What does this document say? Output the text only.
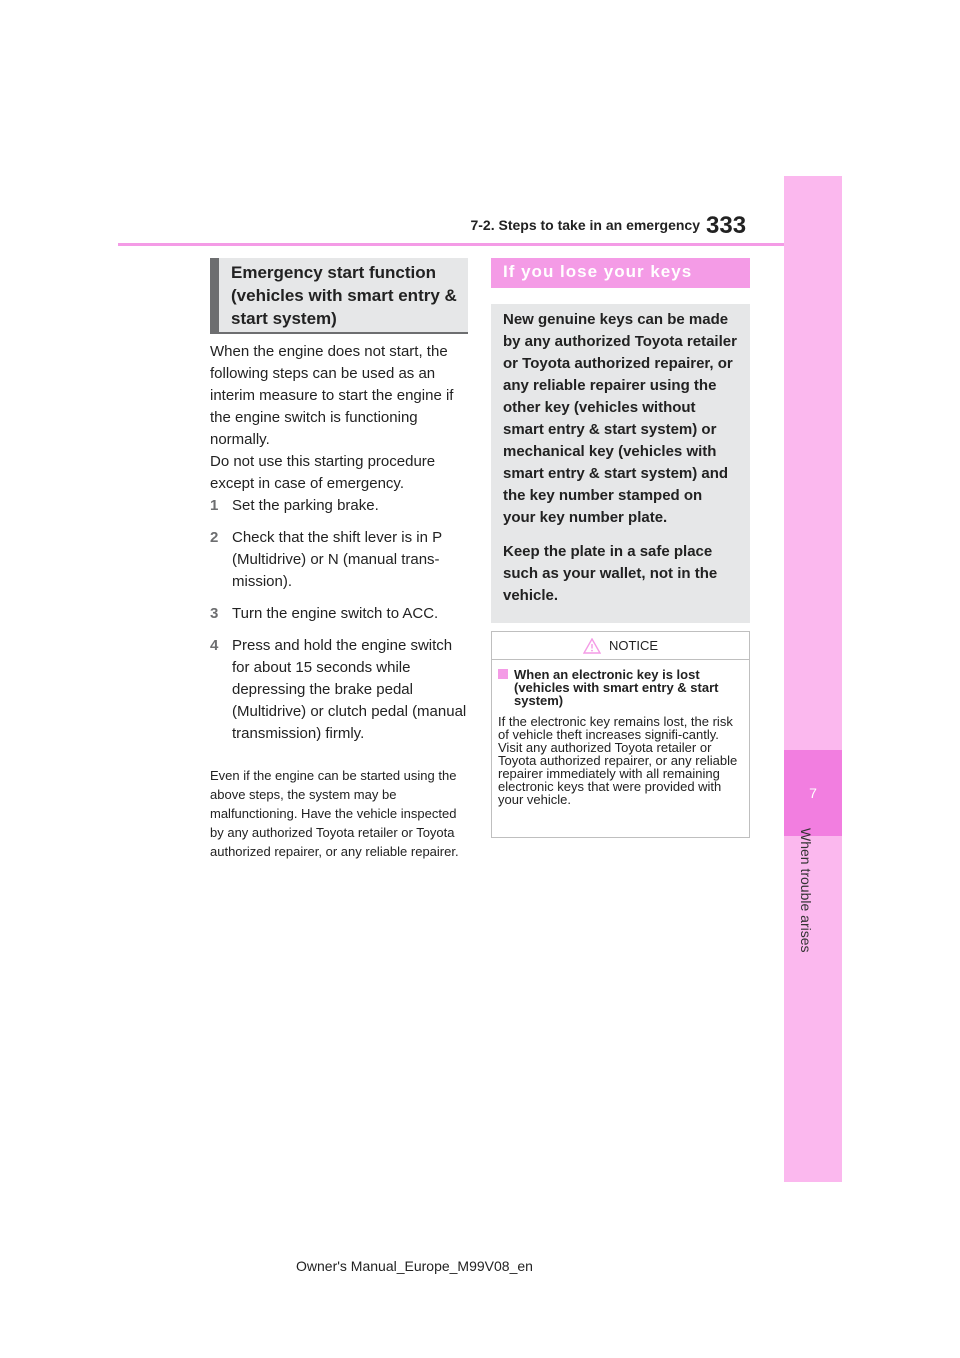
7
When trouble arises
7-2. Steps to take in an emergency 333
Emergency start function (vehicles with smart entry & start system)
When the engine does not start, the following steps can be used as an interim measure to start the engine if the engine switch is functioning normally.
Do not use this starting procedure except in case of emergency.
1 Set the parking brake.
2 Check that the shift lever is in P (Multidrive) or N (manual trans-mission).
3 Turn the engine switch to ACC.
4 Press and hold the engine switch for about 15 seconds while depressing the brake pedal (Multidrive) or clutch pedal (manual transmission) firmly.
Even if the engine can be started using the above steps, the system may be malfunctioning. Have the vehicle inspected by any authorized Toyota retailer or Toyota authorized repairer, or any reliable repairer.
If you lose your keys

New genuine keys can be made by any authorized Toyota retailer or Toyota authorized repairer, or any reliable repairer using the other key (vehicles without smart entry & start system) or mechanical key (vehicles with smart entry & start system) and the key number stamped on your key number plate.

Keep the plate in a safe place such as your wallet, not in the vehicle.

NOTICE
When an electronic key is lost (vehicles with smart entry & start system)
If the electronic key remains lost, the risk of vehicle theft increases signifi-cantly. Visit any authorized Toyota retailer or Toyota authorized repairer, or any reliable repairer immediately with all remaining electronic keys that were provided with your vehicle.
Owner's Manual_Europe_M99V08_en
